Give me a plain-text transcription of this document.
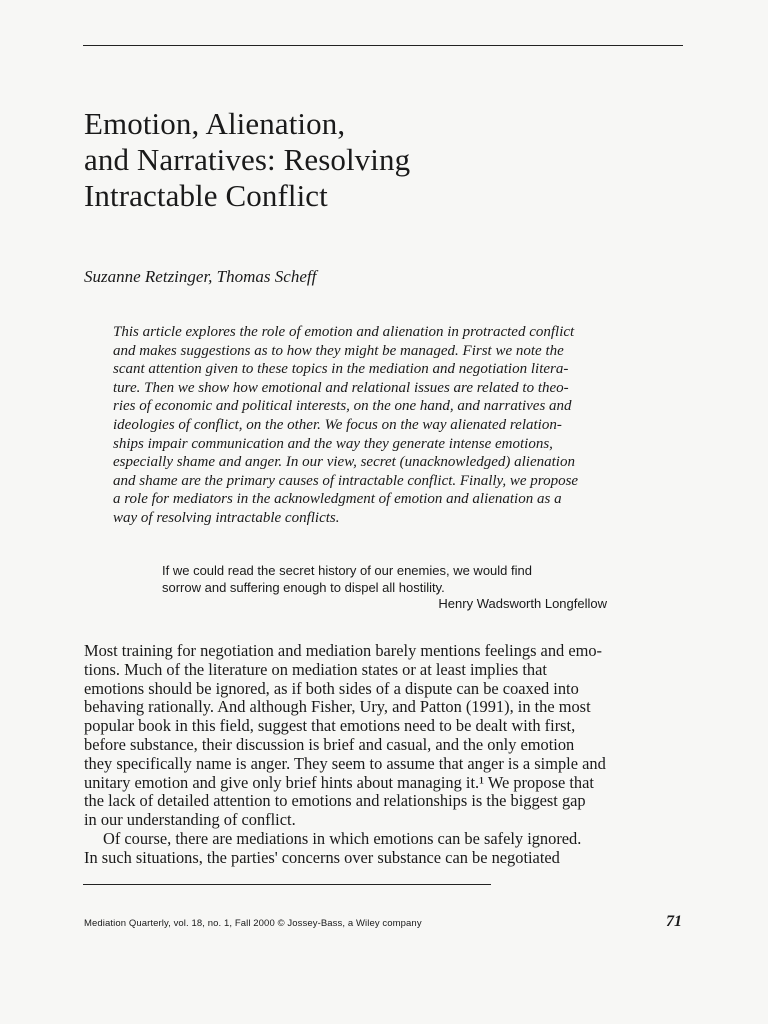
Emotion, Alienation,
and Narratives: Resolving
Intractable Conflict
Suzanne Retzinger, Thomas Scheff
This article explores the role of emotion and alienation in protracted conflict
and makes suggestions as to how they might be managed. First we note the
scant attention given to these topics in the mediation and negotiation litera-
ture. Then we show how emotional and relational issues are related to theo-
ries of economic and political interests, on the one hand, and narratives and
ideologies of conflict, on the other. We focus on the way alienated relation-
ships impair communication and the way they generate intense emotions,
especially shame and anger. In our view, secret (unacknowledged) alienation
and shame are the primary causes of intractable conflict. Finally, we propose
a role for mediators in the acknowledgment of emotion and alienation as a
way of resolving intractable conflicts.
If we could read the secret history of our enemies, we would find
sorrow and suffering enough to dispel all hostility.
Henry Wadsworth Longfellow
Most training for negotiation and mediation barely mentions feelings and emo-
tions. Much of the literature on mediation states or at least implies that
emotions should be ignored, as if both sides of a dispute can be coaxed into
behaving rationally. And although Fisher, Ury, and Patton (1991), in the most
popular book in this field, suggest that emotions need to be dealt with first,
before substance, their discussion is brief and casual, and the only emotion
they specifically name is anger. They seem to assume that anger is a simple and
unitary emotion and give only brief hints about managing it.¹ We propose that
the lack of detailed attention to emotions and relationships is the biggest gap
in our understanding of conflict.
Of course, there are mediations in which emotions can be safely ignored.
In such situations, the parties' concerns over substance can be negotiated
Mediation Quarterly, vol. 18, no. 1, Fall 2000 © Jossey-Bass, a Wiley company	71
